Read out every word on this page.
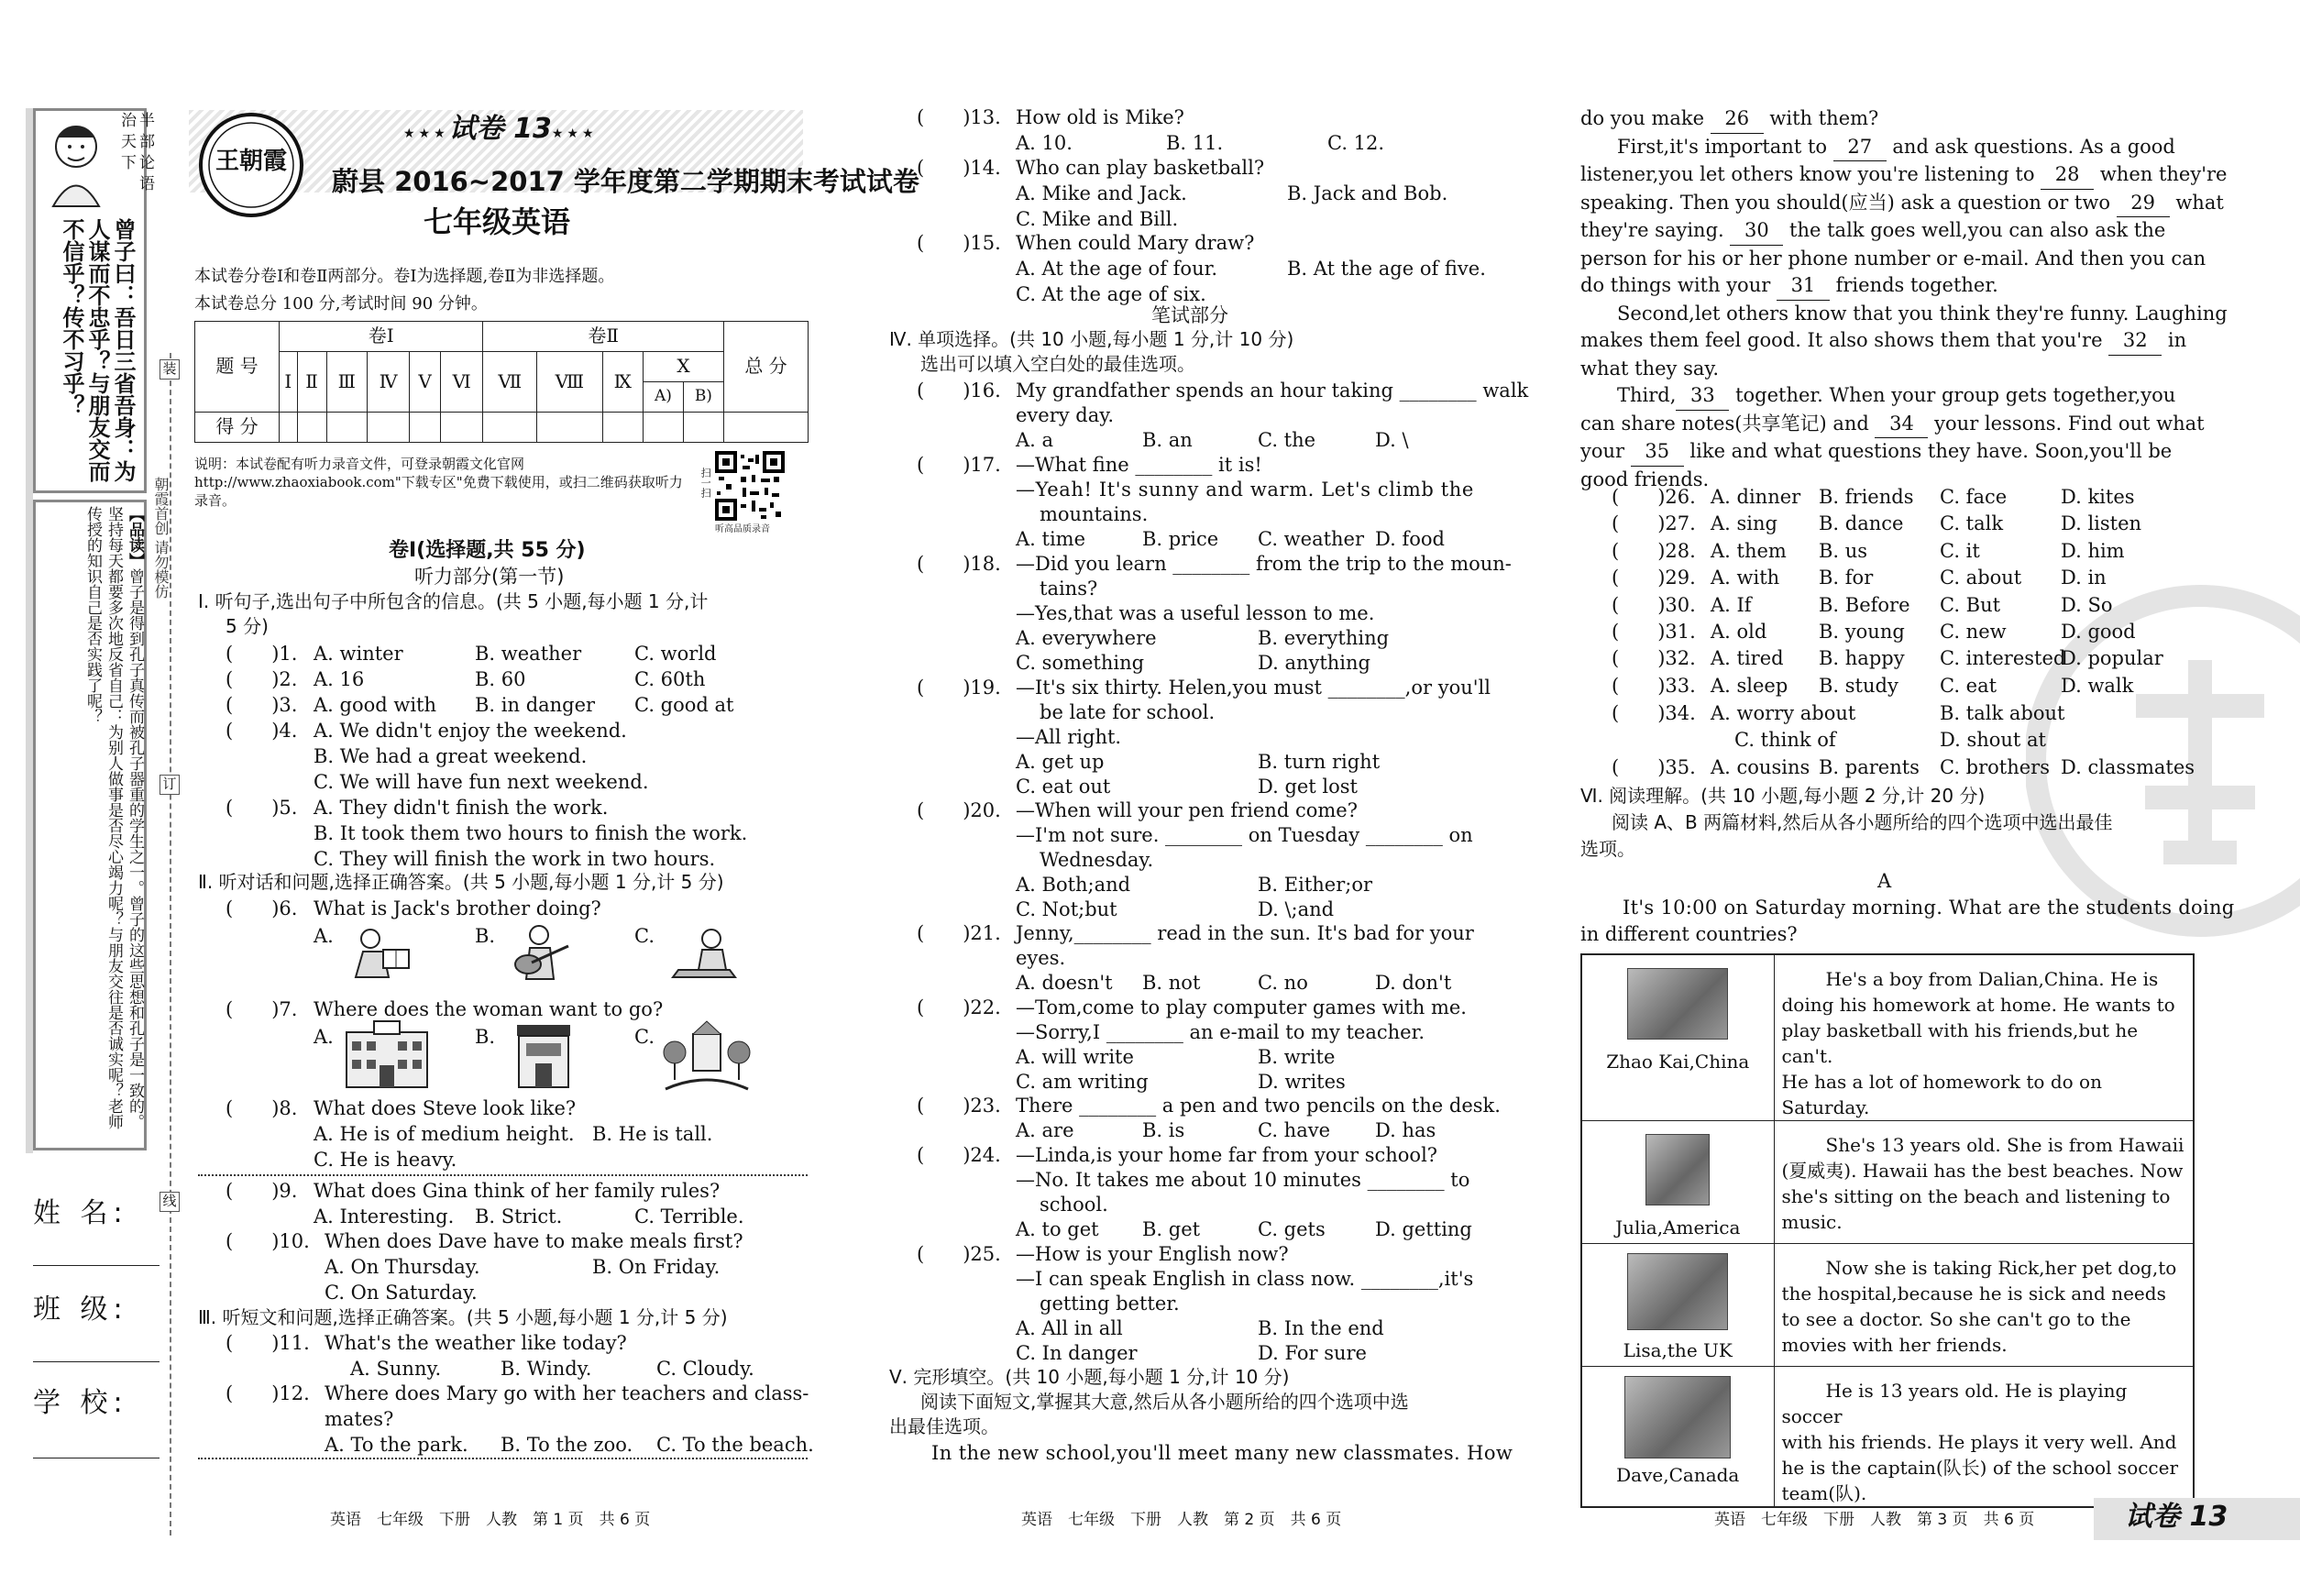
半部论语治天下
曾子曰：吾日三省吾身：为人谋而不忠乎？与朋友交而不信乎？传不习乎？
【品读】曾子是得到孔子真传而被孔子器重的学生之一。曾子的这些思想和孔子是一致的。坚持每天都要多次地反省自己：为别人做事是否尽心竭力呢？与朋友交往是否诚实呢？老师传授的知识自己是否实践了呢？	朝霞首创 请勿模仿
装
订
线
姓 名:
班 级:
学 校:
王朝霞
★★★试卷 13★★★
蔚县 2016~2017 学年度第二学期期末考试试卷
七年级英语
本试卷分卷Ⅰ和卷Ⅱ两部分。卷Ⅰ为选择题,卷Ⅱ为非选择题。
本试卷总分 100 分,考试时间 90 分钟。
题 号	卷Ⅰ						卷Ⅱ					总 分
	Ⅰ	Ⅱ	Ⅲ	Ⅳ	Ⅴ	Ⅵ	Ⅶ	Ⅷ	Ⅸ	Ⅹ		
										A)	B)	
得 分												
说明：本试卷配有听力录音文件，可登录朝霞文化官网 http://www.zhaoxiabook.com"下载专区"免费下载使用，或扫二维码获取听力录音。
扫一扫
听高品质录音
卷Ⅰ(选择题,共 55 分)
听力部分(第一节)
Ⅰ. 听句子,选出句子中所包含的信息。(共 5 小题,每小题 1 分,计
5 分)
(　　)1. A. winter	B. weather	C. world
(　　)2. A. 16	B. 60	C. 60th
(　　)3. A. good with B. in danger C. good at
(　　)4. A. We didn't enjoy the weekend.
B. We had a great weekend.
C. We will have fun next weekend.
(　　)5. A. They didn't finish the work.
B. It took them two hours to finish the work.
C. They will finish the work in two hours.
Ⅱ. 听对话和问题,选择正确答案。(共 5 小题,每小题 1 分,计 5 分)
(　　)6. What is Jack's brother doing?
A.	B.	C.
(　　)7. Where does the woman want to go?
A.	B.	C.
(　　)8. What does Steve look like?
A. He is of medium height. B. He is tall.
C. He is heavy.
(　　)9. What does Gina think of her family rules?
A. Interesting. B. Strict.	C. Terrible.
(　　)10. When does Dave have to make meals first?
A. On Thursday.	B. On Friday.
C. On Saturday.
Ⅲ. 听短文和问题,选择正确答案。(共 5 小题,每小题 1 分,计 5 分)
(　　)11. What's the weather like today?
A. Sunny.	B. Windy.	C. Cloudy.
(　　)12. Where does Mary go with her teachers and class-
mates?
A. To the park. B. To the zoo. C. To the beach.
英语　七年级　下册　人教　第 1 页　共 6 页
(　　)13. How old is Mike?
A. 10.	B. 11.	C. 12.
(　　)14. Who can play basketball?
A. Mike and Jack.	B. Jack and Bob.
C. Mike and Bill.
(　　)15. When could Mary draw?
A. At the age of four.	B. At the age of five.
C. At the age of six.
笔试部分
Ⅳ. 单项选择。(共 10 小题,每小题 1 分,计 10 分)
选出可以填入空白处的最佳选项。
(　　)16. My grandfather spends an hour taking ________ walk
every day.
A. a	B. an	C. the	D. \
(　　)17. —What fine ________ it is!
—Yeah! It's sunny and warm. Let's climb the
mountains.
A. time	B. price C. weather D. food
(　　)18. —Did you learn ________ from the trip to the moun-
tains?
—Yes,that was a useful lesson to me.
A. everywhere	B. everything
C. something	D. anything
(　　)19. —It's six thirty. Helen,you must ________,or you'll
be late for school.
—All right.
A. get up	B. turn right
C. eat out	D. get lost
(　　)20. —When will your pen friend come?
—I'm not sure. ________ on Tuesday ________ on
Wednesday.
A. Both;and	B. Either;or
C. Not;but	D. \;and
(　　)21. Jenny,________ read in the sun. It's bad for your
eyes.
A. doesn't B. not	C. no	D. don't
(　　)22. —Tom,come to play computer games with me.
—Sorry,I ________ an e-mail to my teacher.
A. will write	B. write
C. am writing	D. writes
(　　)23. There ________ a pen and two pencils on the desk.
A. are	B. is	C. have D. has
(　　)24. —Linda,is your home far from your school?
—No. It takes me about 10 minutes ________ to
school.
A. to get B. get	C. gets	D. getting
(　　)25. —How is your English now?
—I can speak English in class now. ________,it's
getting better.
A. All in all	B. In the end
C. In danger	D. For sure
Ⅴ. 完形填空。(共 10 小题,每小题 1 分,计 10 分)
阅读下面短文,掌握其大意,然后从各小题所给的四个选项中选
出最佳选项。
In the new school,you'll meet many new classmates. How
英语　七年级　下册　人教　第 2 页　共 6 页
do you make 26 with them?
First,it's important to 27 and ask questions. As a good
listener,you let others know you're listening to 28 when they're
speaking. Then you should(应当) ask a question or two 29 what
they're saying. 30 the talk goes well,you can also ask the
person for his or her phone number or e-mail. And then you can
do things with your 31 friends together.
Second,let others know that you think they're funny. Laughing
makes them feel good. It also shows them that you're 32 in
what they say.
Third, 33 together. When your group gets together,you
can share notes(共享笔记) and 34 your lessons. Find out what
your 35 like and what questions they have. Soon,you'll be
good friends.
(　　)26. A. dinner B. friends C. face	D. kites
(　　)27. A. sing B. dance C. talk	D. listen
(　　)28. A. them B. us	C. it	D. him
(　　)29. A. with B. for	C. about D. in
(　　)30. A. If	B. Before C. But	D. So
(　　)31. A. old	B. young C. new	D. good
(　　)32. A. tired B. happy C. interested
D. popular
(　　)33. A. sleep B. study C. eat	D. walk
(　　)34. A. worry about	B. talk about
C. think of	D. shout at
(　　)35. A. cousins B. parents C. brothers D. classmates
Ⅵ. 阅读理解。(共 10 小题,每小题 2 分,计 20 分)
阅读 A、B 两篇材料,然后从各小题所给的四个选项中选出最佳
选项。
A
It's 10:00 on Saturday morning. What are the students doing
in different countries?
Zhao Kai,China	He's a boy from Dalian,China. He is
doing his homework at home. He wants to
play basketball with his friends,but he can't.
He has a lot of homework to do on Saturday.

Julia,America	She's 13 years old. She is from Hawaii
(夏威夷). Hawaii has the best beaches. Now
she's sitting on the beach and listening to
music.

Lisa,the UK	Now she is taking Rick,her pet dog,to
the hospital,because he is sick and needs
to see a doctor. So she can't go to the
movies with her friends.

Dave,Canada	He is 13 years old. He is playing soccer
with his friends. He plays it very well. And
he is the captain(队长) of the school soccer
team(队).
英语　七年级　下册　人教　第 3 页　共 6 页	试卷 13
